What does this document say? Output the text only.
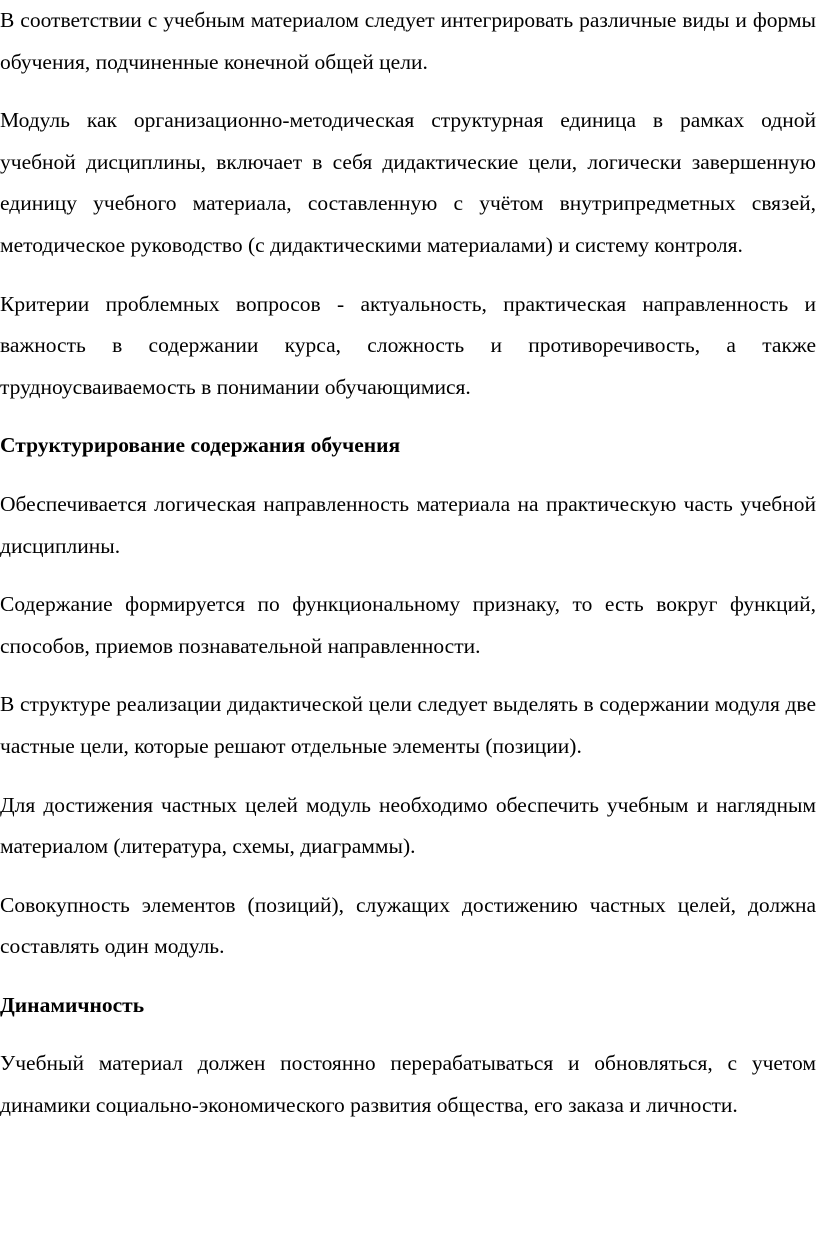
В соответствии с учебным материалом следует интегрировать различные виды и формы обучения, подчиненные конечной общей цели.

Модуль как организационно-методическая структурная единица в рамках одной учебной дисциплины, включает в себя дидактические цели, логически завершенную единицу учебного материала, составленную с учётом внутрипредметных связей, методическое руководство (с дидактическими материалами) и систему контроля.

Критерии проблемных вопросов - актуальность, практическая направленность и важность в содержании курса, сложность и противоречивость, а также трудноусваиваемость в понимании обучающимися.

Структурирование содержания обучения

Обеспечивается логическая направленность материала на практическую часть учебной дисциплины.

Содержание формируется по функциональному признаку, то есть вокруг функций, способов, приемов познавательной направленности.

В структуре реализации дидактической цели следует выделять в содержании модуля две частные цели, которые решают отдельные элементы (позиции).

Для достижения частных целей модуль необходимо обеспечить учебным и наглядным материалом (литература, схемы, диаграммы).

Совокупность элементов (позиций), служащих достижению частных целей, должна составлять один модуль.

Динамичность

Учебный материал должен постоянно перерабатываться и обновляться, с учетом динамики социально-экономического развития общества, его заказа и личности.
